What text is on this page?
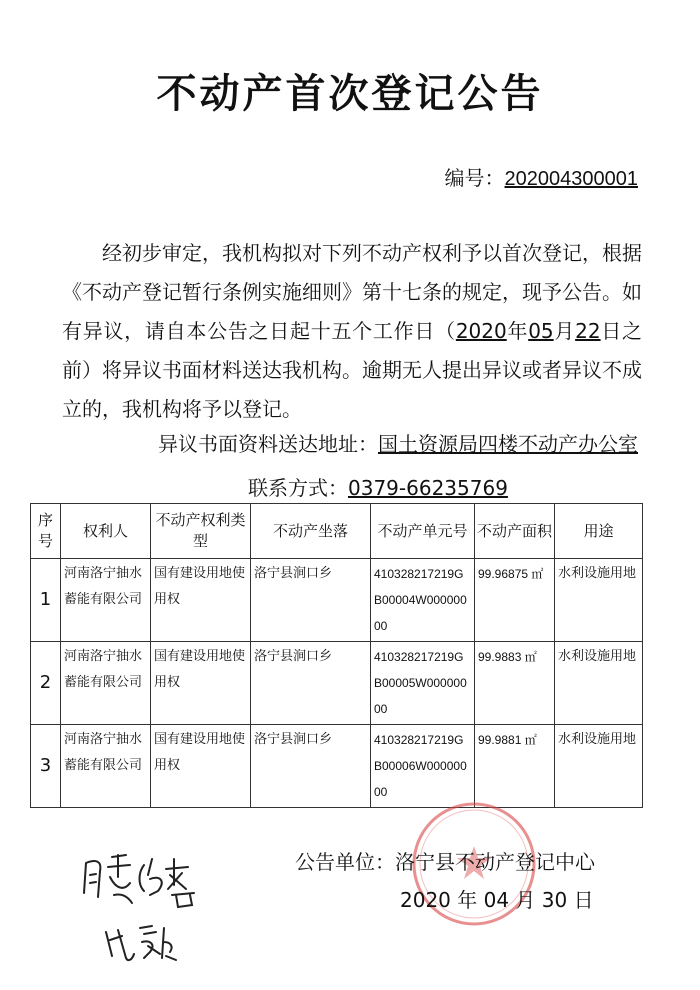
不动产首次登记公告
编号：202004300001

经初步审定，我机构拟对下列不动产权利予以首次登记，根据《不动产登记暂行条例实施细则》第十七条的规定，现予公告。如有异议，请自本公告之日起十五个工作日（2020年05月22日之前）将异议书面材料送达我机构。逾期无人提出异议或者异议不成立的，我机构将予以登记。

异议书面资料送达地址：国土资源局四楼不动产办公室
联系方式：0379-66235769
序号	权利人	不动产权利类型	不动产坐落	不动产单元号	不动产面积	用途
1	河南洛宁抽水蓄能有限公司	国有建设用地使用权	洛宁县涧口乡	410328217219GB00004W00000000	99.96875 ㎡	水利设施用地
2	河南洛宁抽水蓄能有限公司	国有建设用地使用权	洛宁县涧口乡	410328217219GB00005W00000000	99.9883 ㎡	水利设施用地
3	河南洛宁抽水蓄能有限公司	国有建设用地使用权	洛宁县涧口乡	410328217219GB00006W00000000	99.9881 ㎡	水利设施用地
公告单位：洛宁县不动产登记中心
2020 年 04 月 30 日
